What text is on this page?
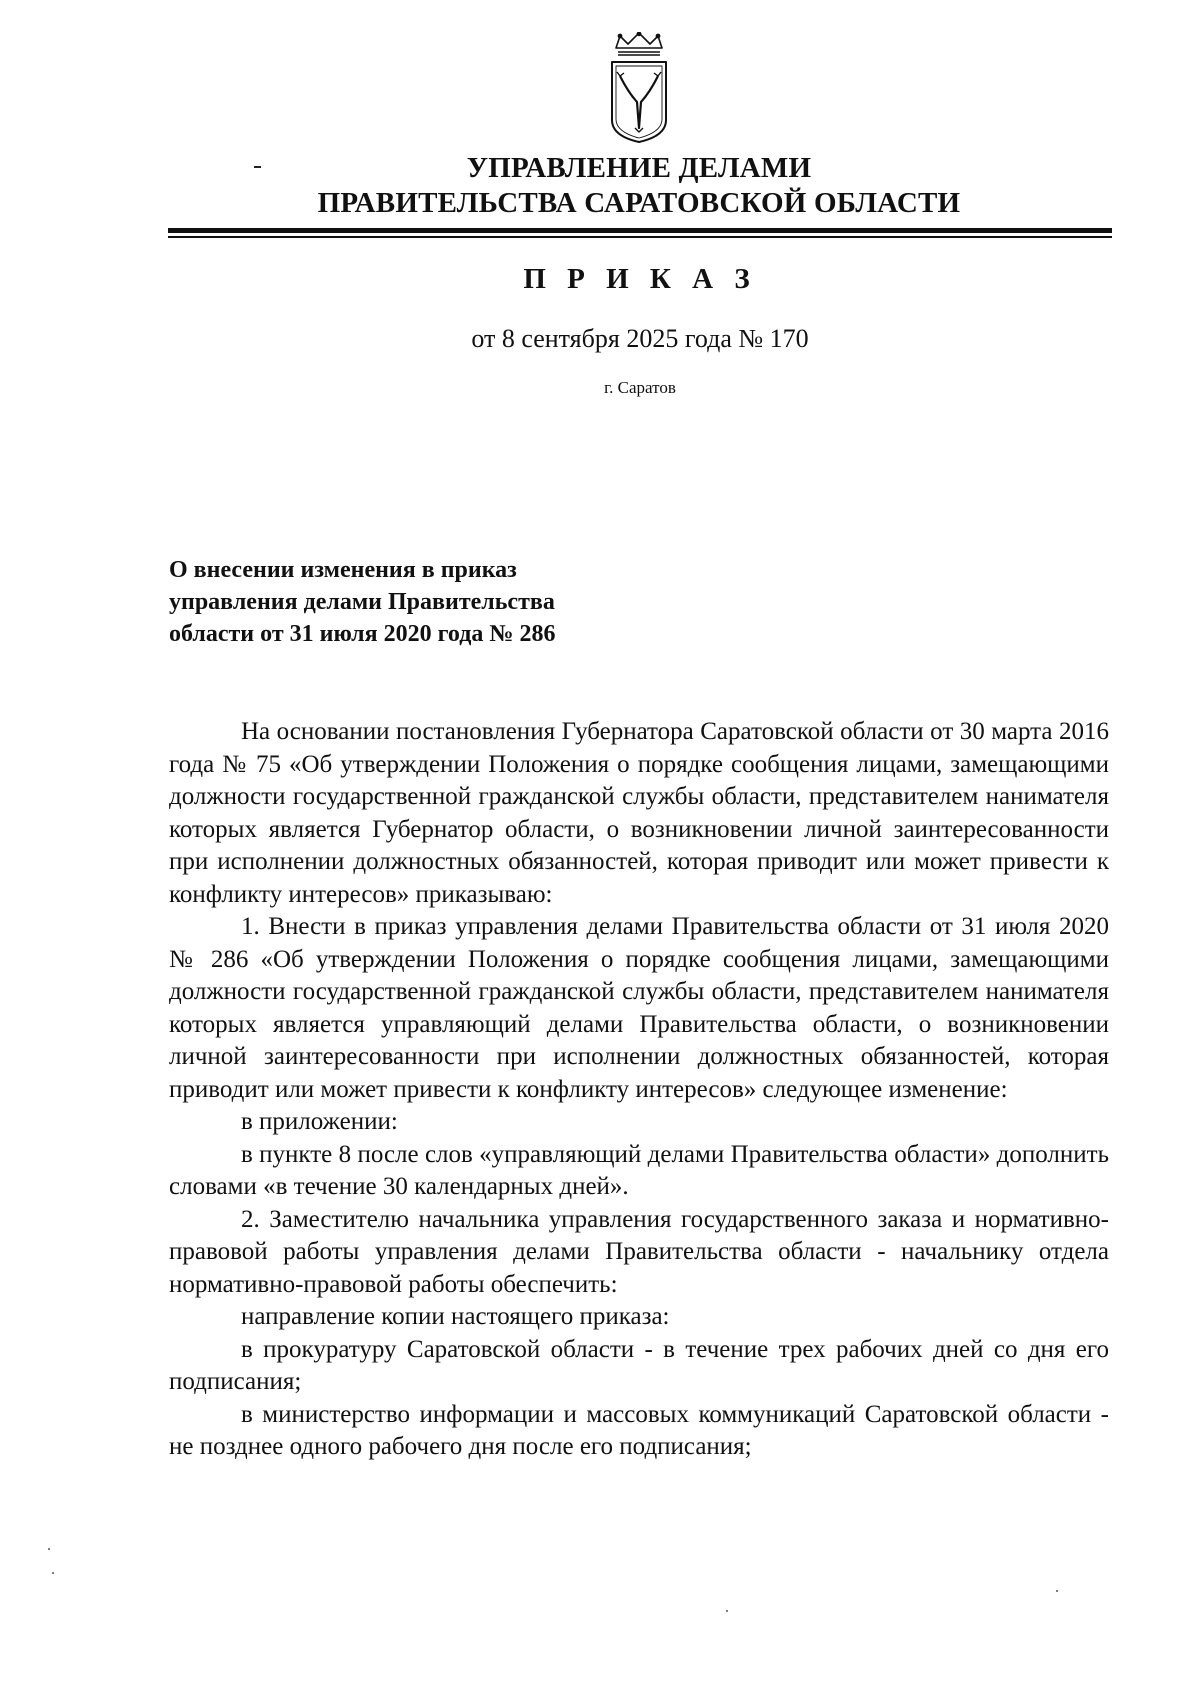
УПРАВЛЕНИЕ ДЕЛАМИ
ПРАВИТЕЛЬСТВА САРАТОВСКОЙ ОБЛАСТИ
П Р И К А З
от 8 сентября 2025 года № 170
г. Саратов
О внесении изменения в приказ
управления делами Правительства
области от 31 июля 2020 года № 286

На основании постановления Губернатора Саратовской области от 30 марта 2016 года № 75 «Об утверждении Положения о порядке сообщения лицами, замещающими должности государственной гражданской службы области, представителем нанимателя которых является Губернатор области, о возникновении личной заинтересованности при исполнении должностных обязанностей, которая приводит или может привести к конфликту интересов» приказываю:

1. Внести в приказ управления делами Правительства области от 31 июля 2020 № 286 «Об утверждении Положения о порядке сообщения лицами, замещающими должности государственной гражданской службы области, представителем нанимателя которых является управляющий делами Правительства области, о возникновении личной заинтересованности при исполнении должностных обязанностей, которая приводит или может привести к конфликту интересов» следующее изменение:

в приложении:

в пункте 8 после слов «управляющий делами Правительства области» дополнить словами «в течение 30 календарных дней».

2. Заместителю начальника управления государственного заказа и нормативно-правовой работы управления делами Правительства области - начальнику отдела нормативно-правовой работы обеспечить:

направление копии настоящего приказа:

в прокуратуру Саратовской области - в течение трех рабочих дней со дня его подписания;

в министерство информации и массовых коммуникаций Саратовской области - не позднее одного рабочего дня после его подписания;
